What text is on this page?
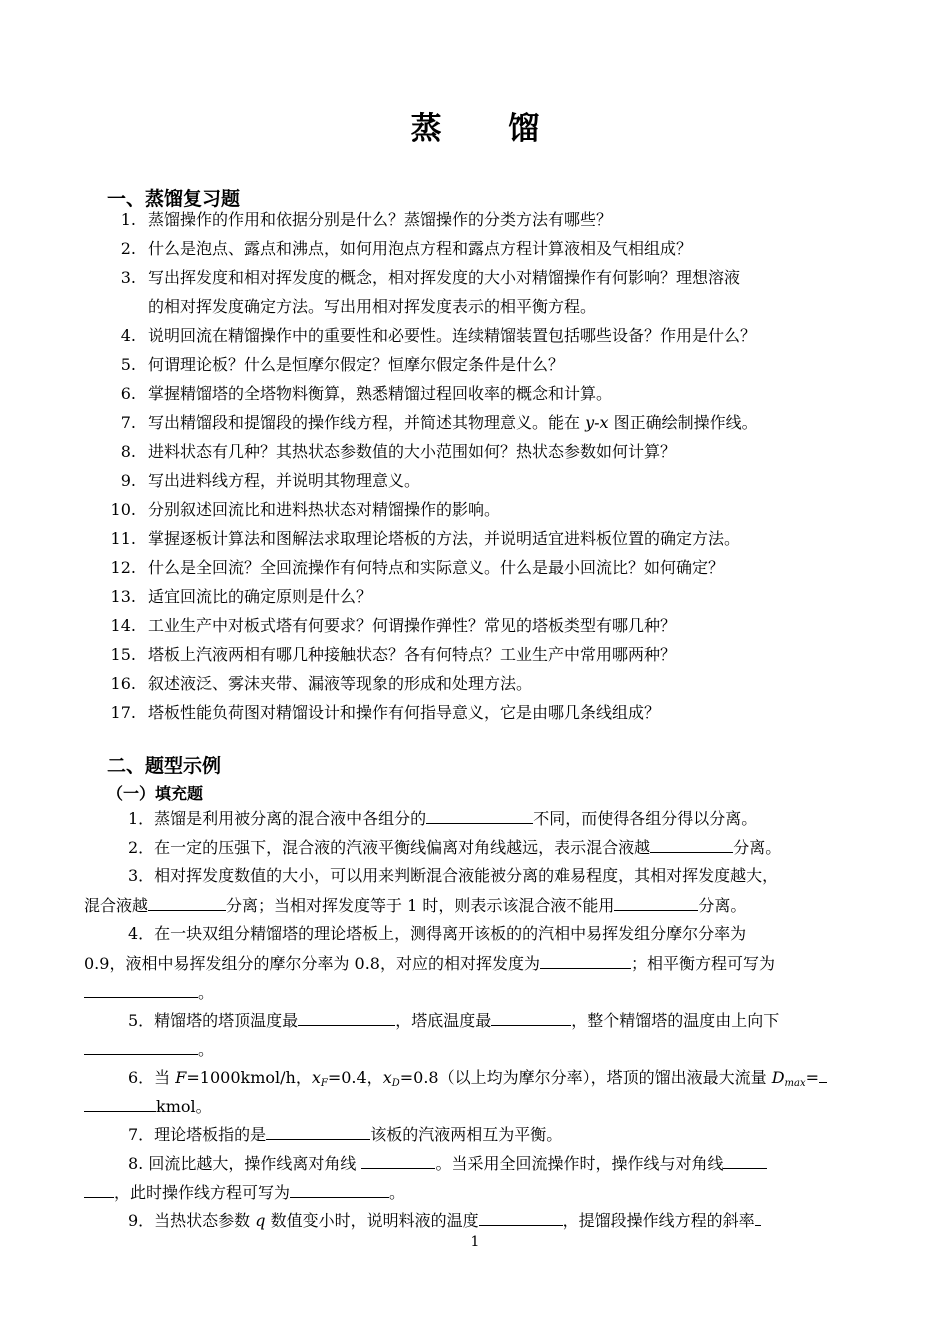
蒸 馏
一、蒸馏复习题
1. 蒸馏操作的作用和依据分别是什么？蒸馏操作的分类方法有哪些？
2. 什么是泡点、露点和沸点，如何用泡点方程和露点方程计算液相及气相组成？
3. 写出挥发度和相对挥发度的概念，相对挥发度的大小对精馏操作有何影响？理想溶液
的相对挥发度确定方法。写出用相对挥发度表示的相平衡方程。
4. 说明回流在精馏操作中的重要性和必要性。连续精馏装置包括哪些设备？作用是什么？
5. 何谓理论板？什么是恒摩尔假定？恒摩尔假定条件是什么？
6. 掌握精馏塔的全塔物料衡算，熟悉精馏过程回收率的概念和计算。
7. 写出精馏段和提馏段的操作线方程，并简述其物理意义。能在 y-x 图正确绘制操作线。
8. 进料状态有几种？其热状态参数值的大小范围如何？热状态参数如何计算？
9. 写出进料线方程，并说明其物理意义。
10. 分别叙述回流比和进料热状态对精馏操作的影响。
11. 掌握逐板计算法和图解法求取理论塔板的方法，并说明适宜进料板位置的确定方法。
12. 什么是全回流？全回流操作有何特点和实际意义。什么是最小回流比？如何确定？
13. 适宜回流比的确定原则是什么？
14. 工业生产中对板式塔有何要求？何谓操作弹性？常见的塔板类型有哪几种？
15. 塔板上汽液两相有哪几种接触状态？各有何特点？工业生产中常用哪两种？
16. 叙述液泛、雾沫夹带、漏液等现象的形成和处理方法。
17. 塔板性能负荷图对精馏设计和操作有何指导意义，它是由哪几条线组成？
二、题型示例
（一）填充题
1．蒸馏是利用被分离的混合液中各组分的	不同，而使得各组分得以分离。
2．在一定的压强下，混合液的汽液平衡线偏离对角线越远，表示混合液越	分离。
3．相对挥发度数值的大小，可以用来判断混合液能被分离的难易程度，其相对挥发度越大，
混合液越	分离；当相对挥发度等于 1 时，则表示该混合液不能用	分离。
4．在一块双组分精馏塔的理论塔板上，测得离开该板的的汽相中易挥发组分摩尔分率为
0.9，液相中易挥发组分的摩尔分率为 0.8，对应的相对挥发度为	；相平衡方程可写为
。
5．精馏塔的塔顶温度最	，塔底温度最	，整个精馏塔的温度由上向下
。
6．当 F=1000kmol/h，$x_F=0.4$，$x_D=0.8$（以上均为摩尔分率），塔顶的馏出液最大流量 $D_{max}=$
kmol。
7．理论塔板指的是	该板的汽液两相互为平衡。
8. 回流比越大，操作线离对角线	。当采用全回流操作时，操作线与对角线
，此时操作线方程可写为	。
9．当热状态参数 q 数值变小时，说明料液的温度	，提馏段操作线方程的斜率
1
